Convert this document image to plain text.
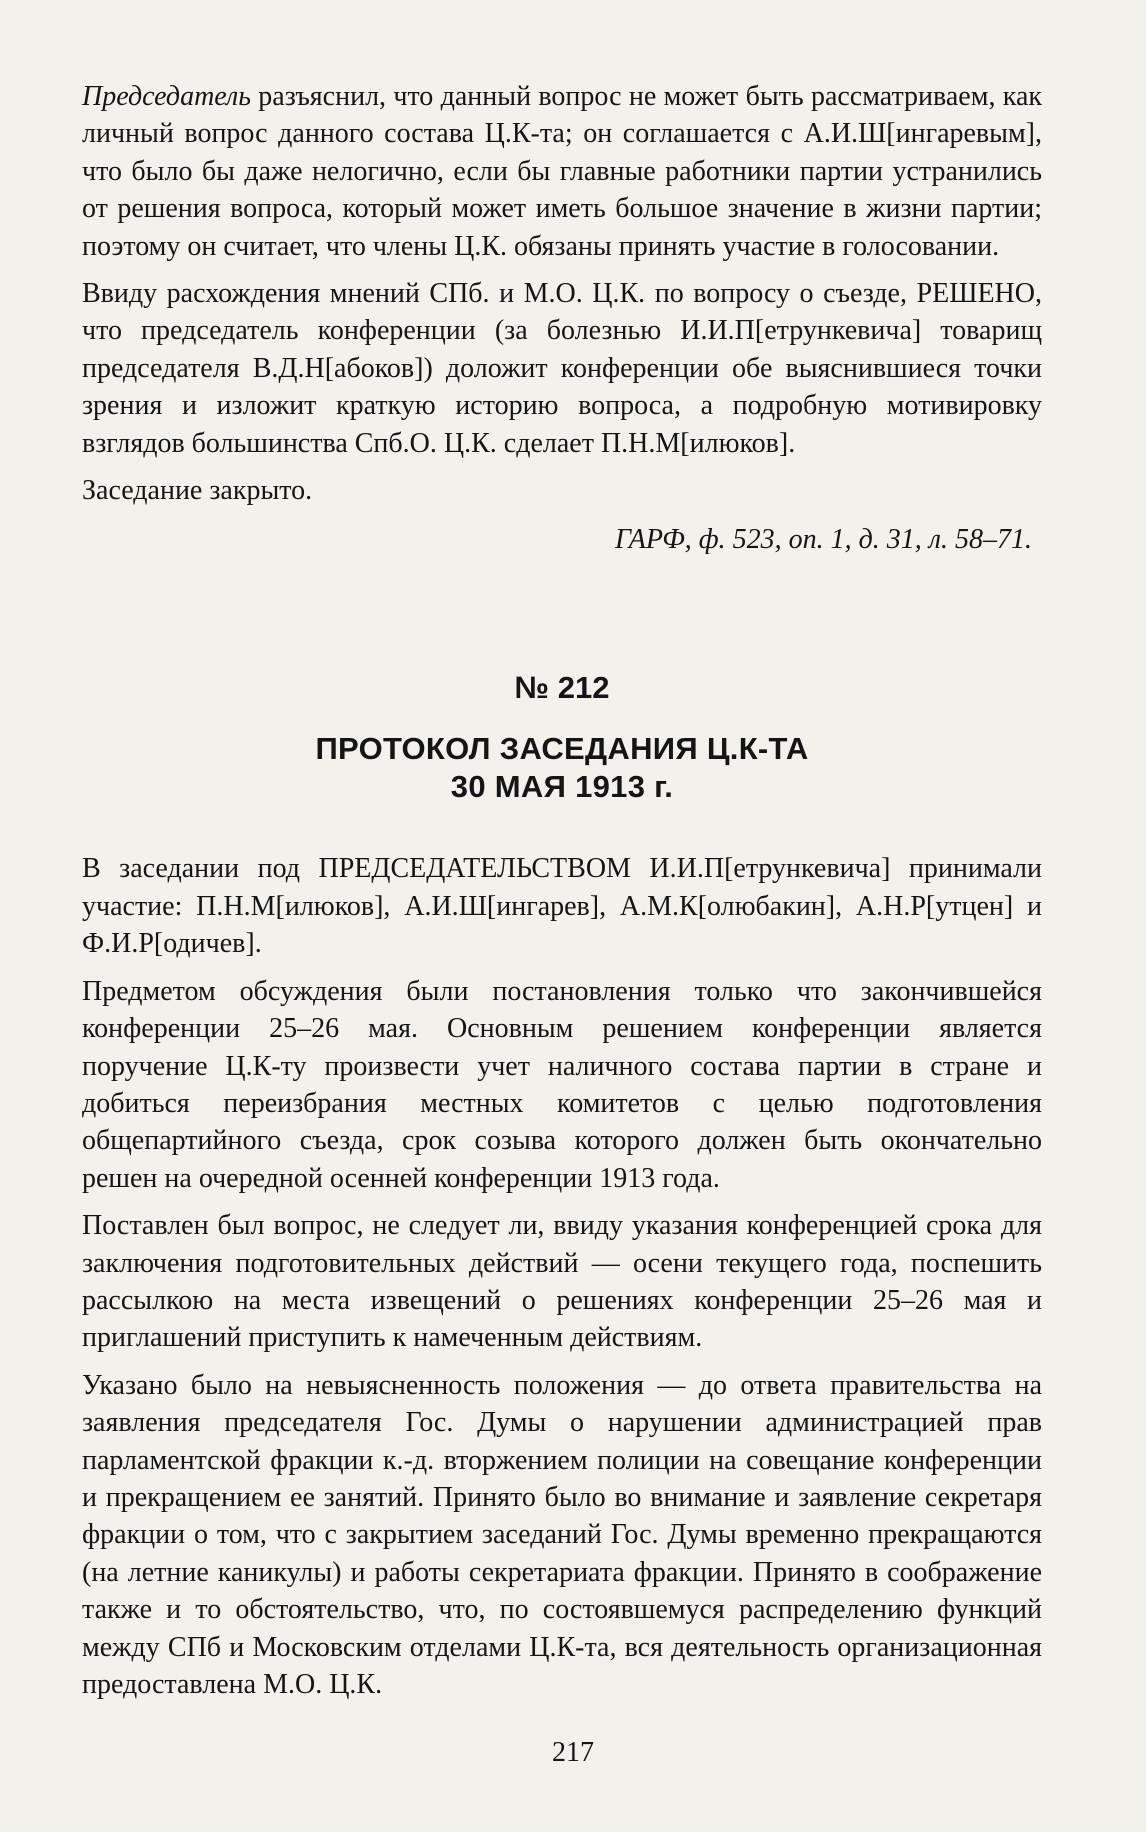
Председатель разъяснил, что данный вопрос не может быть рассматриваем, как личный вопрос данного состава Ц.К-та; он соглашается с А.И.Ш[ингаревым], что было бы даже нелогично, если бы главные работники партии устранились от решения вопроса, который может иметь большое значение в жизни партии; поэтому он считает, что члены Ц.К. обязаны принять участие в голосовании.

Ввиду расхождения мнений СПб. и М.О. Ц.К. по вопросу о съезде, РЕШЕНО, что председатель конференции (за болезнью И.И.П[етрункевича] товарищ председателя В.Д.Н[абоков]) доложит конференции обе выяснившиеся точки зрения и изложит краткую историю вопроса, а подробную мотивировку взглядов большинства Спб.О. Ц.К. сделает П.Н.М[илюков].

Заседание закрыто.

ГАРФ, ф. 523, оп. 1, д. 31, л. 58–71.
№ 212
ПРОТОКОЛ ЗАСЕДАНИЯ Ц.К-ТА
30 МАЯ 1913 г.

В заседании под ПРЕДСЕДАТЕЛЬСТВОМ И.И.П[етрункевича] принимали участие: П.Н.М[илюков], А.И.Ш[ингарев], А.М.К[олюбакин], А.Н.Р[утцен] и Ф.И.Р[одичев].

Предметом обсуждения были постановления только что закончившейся конференции 25–26 мая. Основным решением конференции является поручение Ц.К-ту произвести учет наличного состава партии в стране и добиться переизбрания местных комитетов с целью подготовления общепартийного съезда, срок созыва которого должен быть окончательно решен на очередной осенней конференции 1913 года.

Поставлен был вопрос, не следует ли, ввиду указания конференцией срока для заключения подготовительных действий — осени текущего года, поспешить рассылкою на места извещений о решениях конференции 25–26 мая и приглашений приступить к намеченным действиям.

Указано было на невыясненность положения — до ответа правительства на заявления председателя Гос. Думы о нарушении администрацией прав парламентской фракции к.-д. вторжением полиции на совещание конференции и прекращением ее занятий. Принято было во внимание и заявление секретаря фракции о том, что с закрытием заседаний Гос. Думы временно прекращаются (на летние каникулы) и работы секретариата фракции. Принято в соображение также и то обстоятельство, что, по состоявшемуся распределению функций между СПб и Московским отделами Ц.К-та, вся деятельность организационная предоставлена М.О. Ц.К.

217
